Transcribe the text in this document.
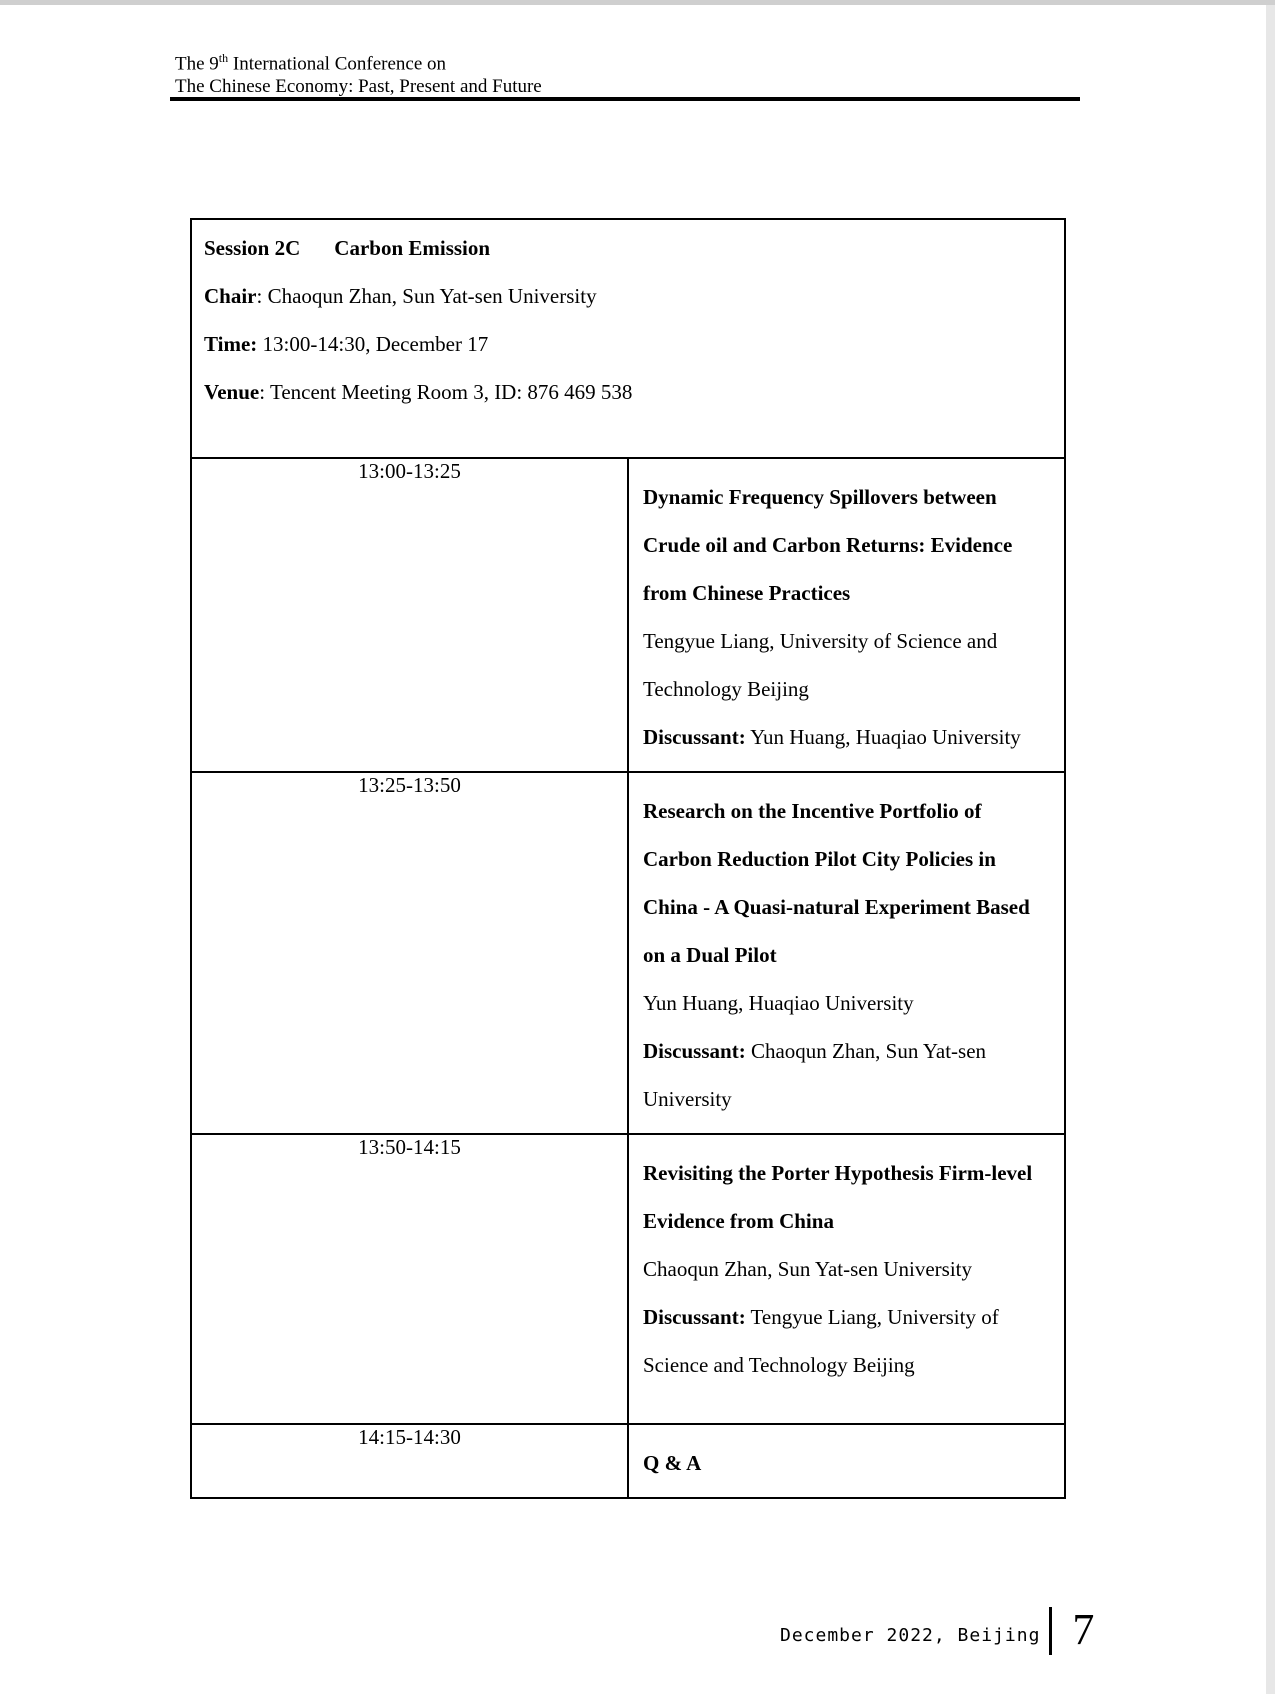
The 9th International Conference on
The Chinese Economy: Past, Present and Future

Session 2C Carbon Emission

Chair: Chaoqun Zhan, Sun Yat-sen University

Time: 13:00-14:30, December 17

Venue: Tencent Meeting Room 3, ID: 876 469 538	

13:00-13:25	Dynamic Frequency Spillovers between Crude oil and Carbon Returns: Evidence from Chinese Practices

Tengyue Liang, University of Science and Technology Beijing

Discussant: Yun Huang, Huaqiao University

13:25-13:50	Research on the Incentive Portfolio of Carbon Reduction Pilot City Policies in China - A Quasi-natural Experiment Based on a Dual Pilot

Yun Huang, Huaqiao University

Discussant: Chaoqun Zhan, Sun Yat-sen University

13:50-14:15	Revisiting the Porter Hypothesis Firm-level Evidence from China

Chaoqun Zhan, Sun Yat-sen University

Discussant: Tengyue Liang, University of Science and Technology Beijing

14:15-14:30	Q & A

December 2022, Beijing 7
